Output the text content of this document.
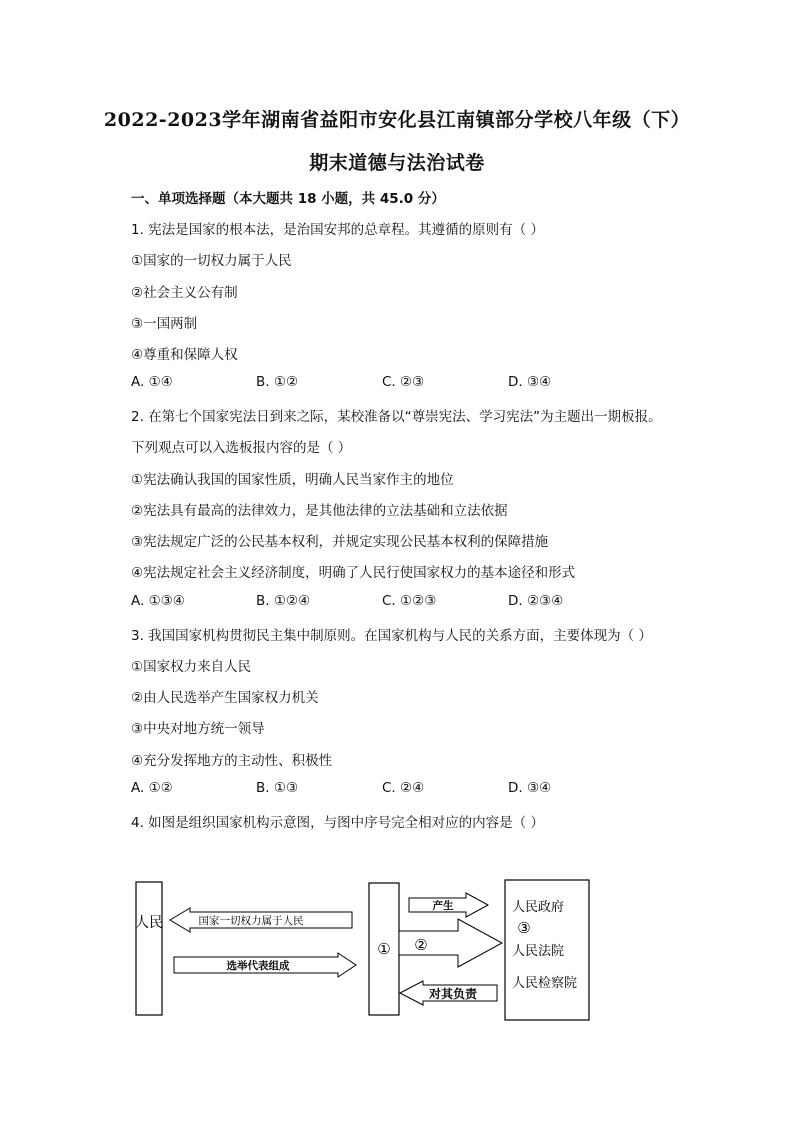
2022-2023学年湖南省益阳市安化县江南镇部分学校八年级（下）
期末道德与法治试卷
一、单项选择题（本大题共 18 小题，共 45.0 分）
1. 宪法是国家的根本法，是治国安邦的总章程。其遵循的原则有（ ）
①国家的一切权力属于人民
②社会主义公有制
③一国两制
④尊重和保障人权
A. ①④	B. ①②	C. ②③	D. ③④
2. 在第七个国家宪法日到来之际，某校准备以“尊崇宪法、学习宪法”为主题出一期板报。
下列观点可以入选板报内容的是（ ）
①宪法确认我国的国家性质，明确人民当家作主的地位
②宪法具有最高的法律效力，是其他法律的立法基础和立法依据
③宪法规定广泛的公民基本权利，并规定实现公民基本权利的保障措施
④宪法规定社会主义经济制度，明确了人民行使国家权力的基本途径和形式
A. ①③④	B. ①②④	C. ①②③	D. ②③④
3. 我国国家机构贯彻民主集中制原则。在国家机构与人民的关系方面，主要体现为（ ）
①国家权力来自人民
②由人民选举产生国家权力机关
③中央对地方统一领导
④充分发挥地方的主动性、积极性
A. ①②	B. ①③	C. ②④	D. ③④
4. 如图是组织国家机构示意图，与图中序号完全相对应的内容是（ ）
人民	国家一切权力属于人民
选举代表组成
①
产生
②
对其负责
人民政府
③
人民法院
人民检察院
